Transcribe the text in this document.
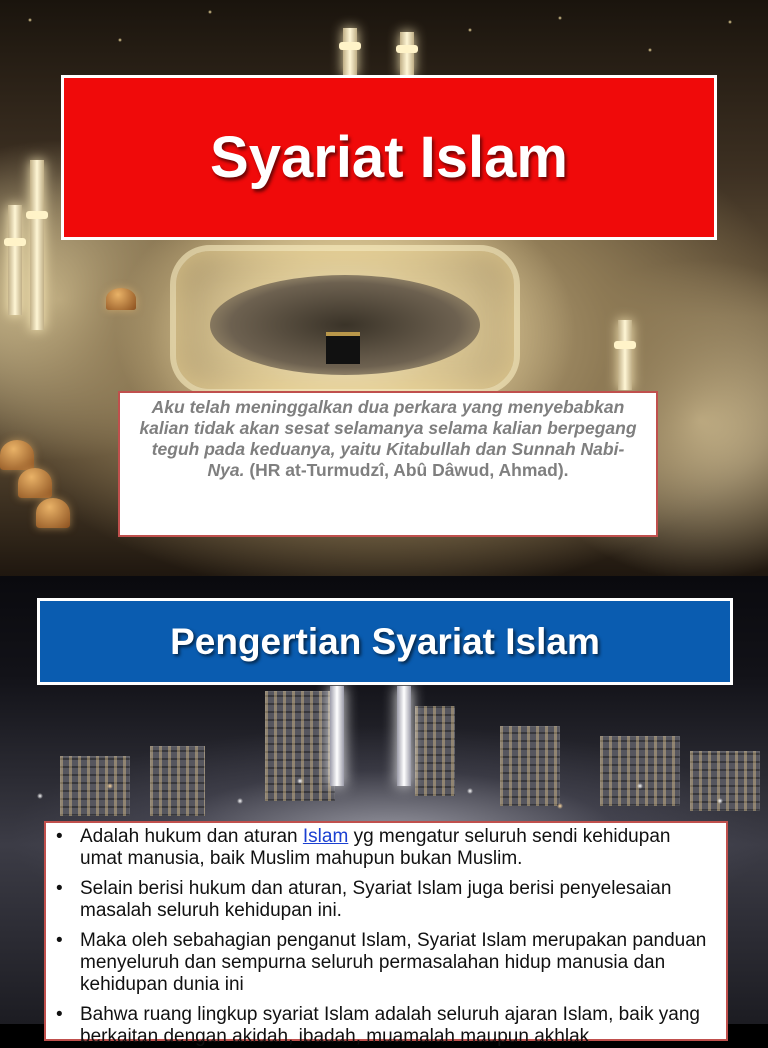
Syariat Islam
Aku telah meninggalkan dua perkara yang menyebabkan kalian tidak akan sesat selamanya selama kalian berpegang teguh pada keduanya, yaitu Kitabullah dan Sunnah Nabi-Nya. (HR at-Turmudzî, Abû Dâwud, Ahmad).
Pengertian Syariat Islam
• Adalah hukum dan aturan Islam yg mengatur seluruh sendi kehidupan umat manusia, baik Muslim mahupun bukan Muslim.
• Selain berisi hukum dan aturan, Syariat Islam juga berisi penyelesaian masalah seluruh kehidupan ini.
• Maka oleh sebahagian penganut Islam, Syariat Islam merupakan panduan menyeluruh dan sempurna seluruh permasalahan hidup manusia dan kehidupan dunia ini
• Bahwa ruang lingkup syariat Islam adalah seluruh ajaran Islam, baik yang berkaitan dengan akidah, ibadah, muamalah maupun akhlak
